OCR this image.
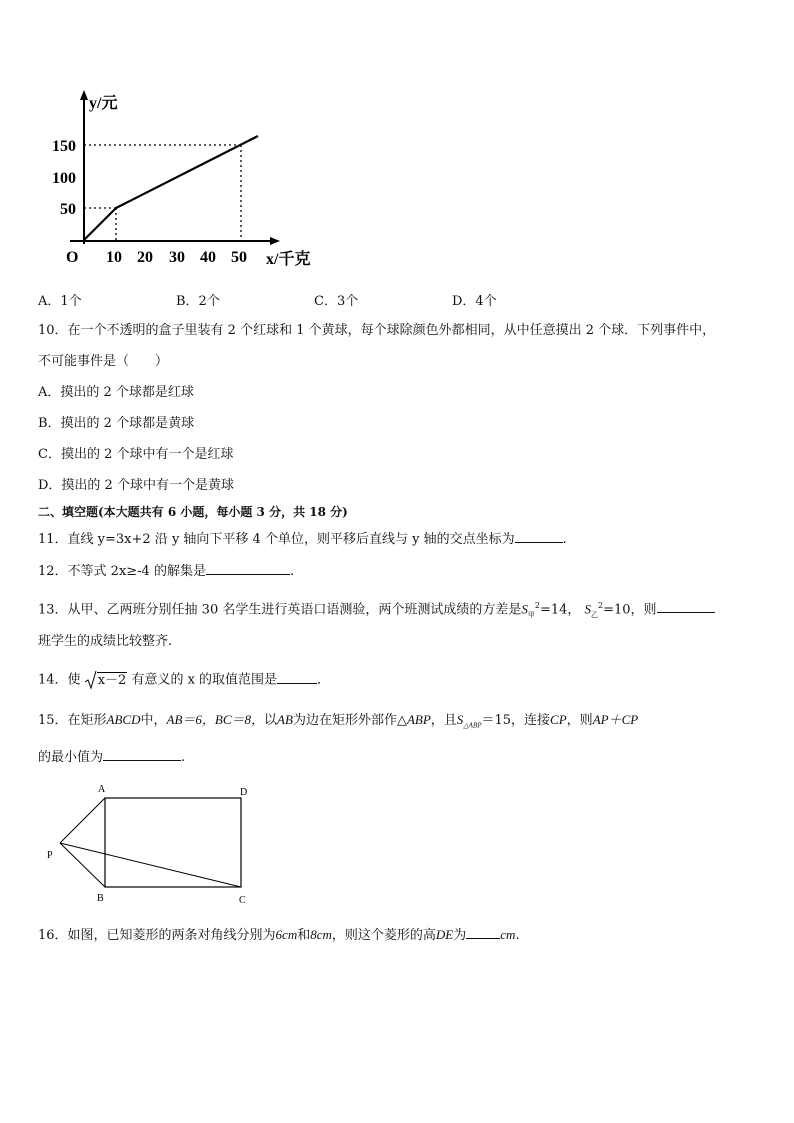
y/元
x/千克
O
150
100
50
10 20 30 40 50
A．1个	B．2个	C．3个	D．4个
10．在一个不透明的盒子里装有 2 个红球和 1 个黄球，每个球除颜色外都相同，从中任意摸出 2 个球．下列事件中，
不可能事件是（　　）
A．摸出的 2 个球都是红球
B．摸出的 2 个球都是黄球
C．摸出的 2 个球中有一个是红球
D．摸出的 2 个球中有一个是黄球
二、填空题(本大题共有 6 小题，每小题 3 分，共 18 分)
11．直线 y=3x+2 沿 y 轴向下平移 4 个单位，则平移后直线与 y 轴的交点坐标为	.
12．不等式 2x≥-4 的解集是	.
13．从甲、乙两班分别任抽 30 名学生进行英语口语测验，两个班测试成绩的方差是$S_甲^2=14$， $S_乙^2=10$，则
班学生的成绩比较整齐.
14．使 x－2 有意义的 x 的取值范围是	．
15．在矩形ABCD中，AB＝6，BC＝8，以AB为边在矩形外部作△ABP，且$S_{\triangle ABP}=15$，连接CP，则AP＋CP
的最小值为	.
A	D
P
B	C
16．如图，已知菱形的两条对角线分别为6cm和8cm，则这个菱形的高DE为	cm.
